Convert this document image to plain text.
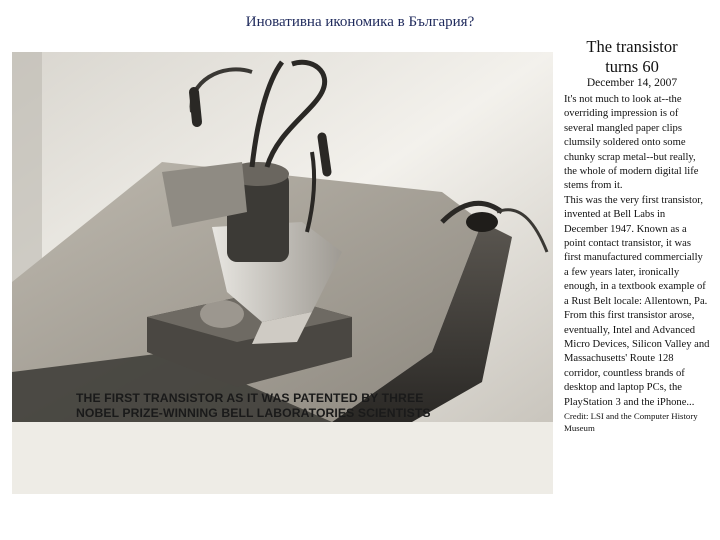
Иновативна икономика в България?
THE FIRST TRANSISTOR AS IT WAS PATENTED BY THREE
NOBEL PRIZE-WINNING BELL LABORATORIES SCIENTISTS
The transistor
turns 60
December 14, 2007

It's not much to look at--the overriding impression is of several mangled paper clips clumsily soldered onto some chunky scrap metal--but really, the whole of modern digital life stems from it.

This was the very first transistor, invented at Bell Labs in December 1947. Known as a point contact transistor, it was first manufactured commercially a few years later, ironically enough, in a textbook example of a Rust Belt locale: Allentown, Pa. From this first transistor arose, eventually, Intel and Advanced Micro Devices, Silicon Valley and Massachusetts' Route 128 corridor, countless brands of desktop and laptop PCs, the PlayStation 3 and the iPhone...

Credit: LSI and the Computer History Museum
